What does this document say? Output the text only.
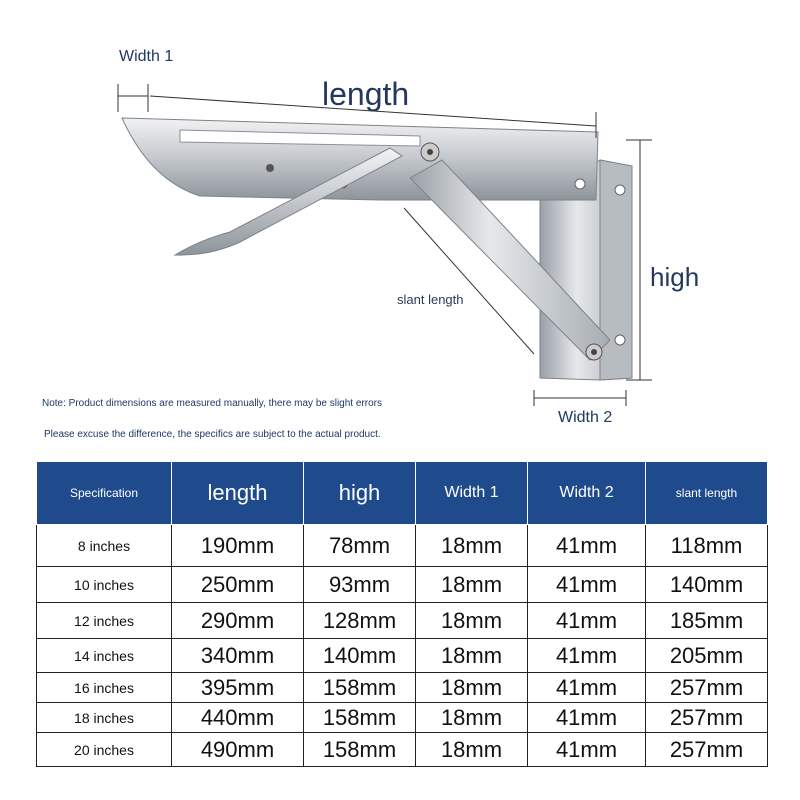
Width 1
length
high
slant length
Width 2
Note: Product dimensions are measured manually, there may be slight errors
Please excuse the difference, the specifics are subject to the actual product.
Specification	length	high	Width 1	Width 2	slant length
8 inches	190mm	78mm	18mm	41mm	118mm
10 inches	250mm	93mm	18mm	41mm	140mm
12 inches	290mm	128mm	18mm	41mm	185mm
14 inches	340mm	140mm	18mm	41mm	205mm
16 inches	395mm	158mm	18mm	41mm	257mm
18 inches	440mm	158mm	18mm	41mm	257mm
20 inches	490mm	158mm	18mm	41mm	257mm
